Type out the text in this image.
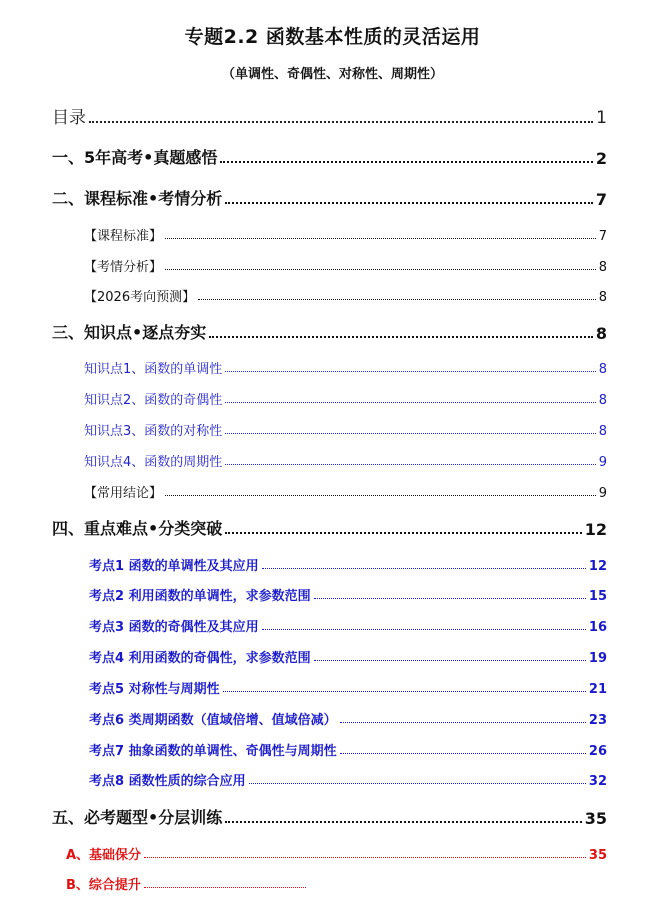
专题2.2 函数基本性质的灵活运用
（单调性、奇偶性、对称性、周期性）
目录	1
一、5年高考•真题感悟	2
二、课程标准•考情分析	7
【课程标准】	7
【考情分析】	8
【2026考向预测】	8
三、知识点•逐点夯实	8
知识点1、函数的单调性	8
知识点2、函数的奇偶性	8
知识点3、函数的对称性	8
知识点4、函数的周期性	9
【常用结论】	9
四、重点难点•分类突破	12
考点1 函数的单调性及其应用	12
考点2 利用函数的单调性，求参数范围	15
考点3 函数的奇偶性及其应用	16
考点4 利用函数的奇偶性，求参数范围	19
考点5 对称性与周期性	21
考点6 类周期函数（值域倍增、值域倍减）	23
考点7 抽象函数的单调性、奇偶性与周期性	26
考点8 函数性质的综合应用	32
五、必考题型•分层训练	35
A、基础保分	35
B、综合提升
